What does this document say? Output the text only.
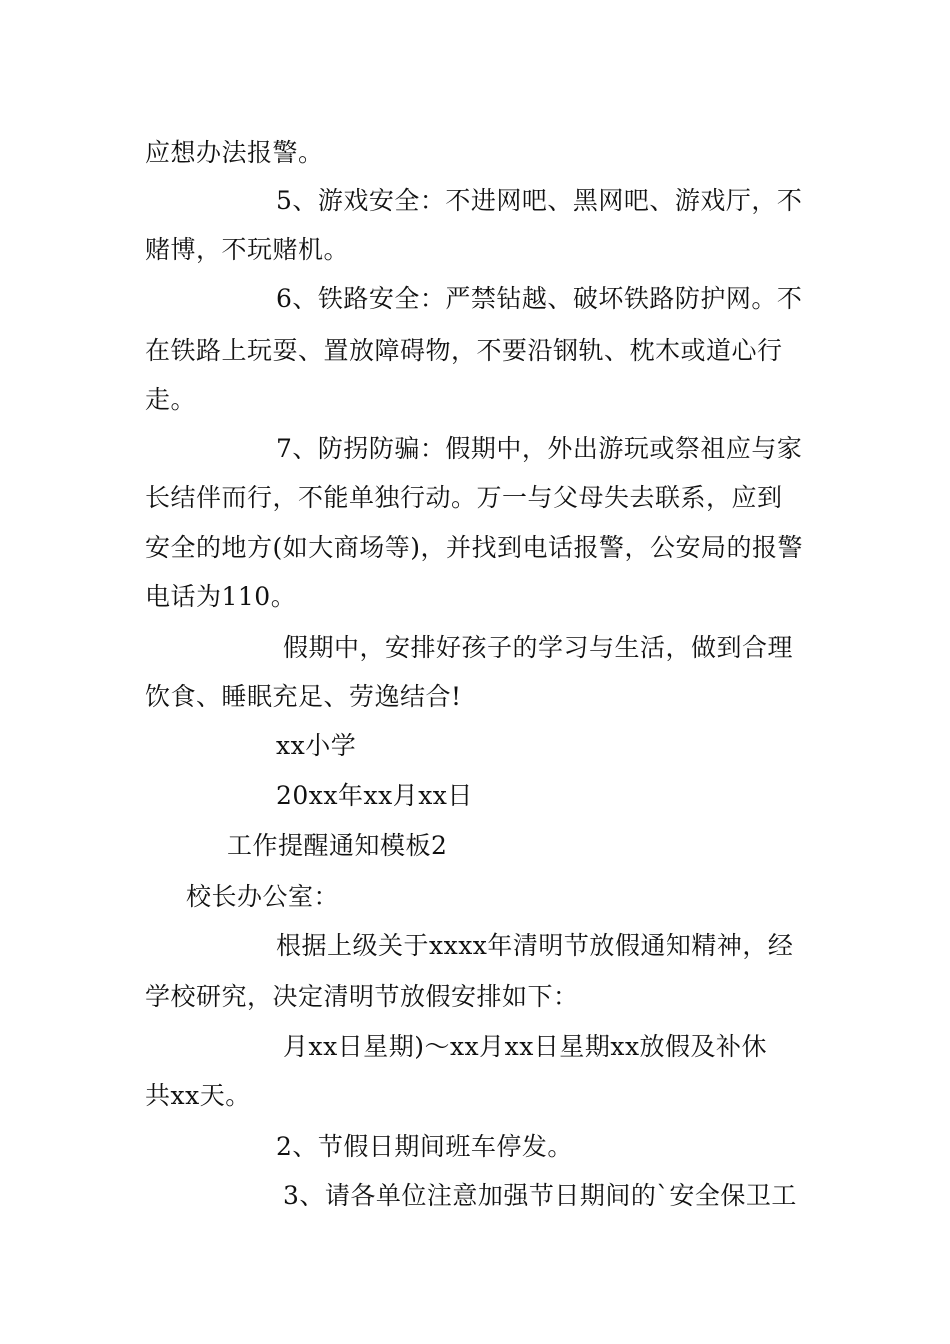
应想办法报警。
5、游戏安全：不进网吧、黑网吧、游戏厅，不
赌博，不玩赌机。
6、铁路安全：严禁钻越、破坏铁路防护网。不
在铁路上玩耍、置放障碍物，不要沿钢轨、枕木或道心行
走。
7、防拐防骗：假期中，外出游玩或祭祖应与家
长结伴而行，不能单独行动。万一与父母失去联系，应到
安全的地方(如大商场等)，并找到电话报警，公安局的报警
电话为110。
假期中，安排好孩子的学习与生活，做到合理
饮食、睡眠充足、劳逸结合!
xx小学
20xx年xx月xx日
工作提醒通知模板2
校长办公室：
根据上级关于xxxx年清明节放假通知精神，经
学校研究，决定清明节放假安排如下：
月xx日星期)～xx月xx日星期xx放假及补休
共xx天。
2、节假日期间班车停发。
3、请各单位注意加强节日期间的`安全保卫工
